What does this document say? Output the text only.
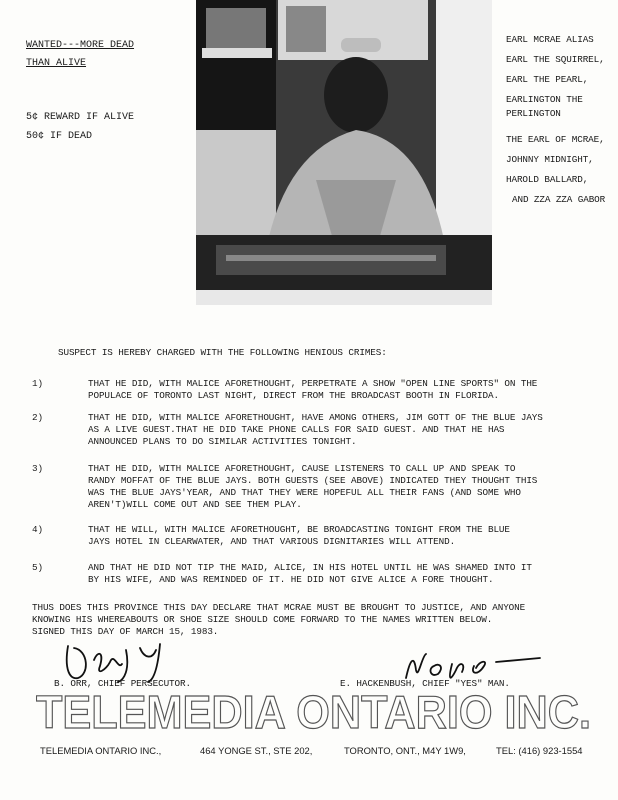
WANTED---MORE DEAD
THAN ALIVE
5¢ REWARD IF ALIVE
50¢ IF DEAD
EARL MCRAE ALIAS
EARL THE SQUIRREL,
EARL THE PEARL,
EARLINGTON THE
PERLINGTON
THE EARL OF MCRAE,
JOHNNY MIDNIGHT,
HAROLD BALLARD,
AND ZZA ZZA GABOR
SUSPECT IS HEREBY CHARGED WITH THE FOLLOWING HENIOUS CRIMES:
1)	THAT HE DID, WITH MALICE AFORETHOUGHT, PERPETRATE A SHOW "OPEN LINE SPORTS" ON THE
POPULACE OF TORONTO LAST NIGHT, DIRECT FROM THE BROADCAST BOOTH IN FLORIDA.
2)	THAT HE DID, WITH MALICE AFORETHOUGHT, HAVE AMONG OTHERS, JIM GOTT OF THE BLUE JAYS
AS A LIVE GUEST.THAT HE DID TAKE PHONE CALLS FOR SAID GUEST. AND THAT HE HAS
ANNOUNCED PLANS TO DO SIMILAR ACTIVITIES TONIGHT.
3)	THAT HE DID, WITH MALICE AFORETHOUGHT, CAUSE LISTENERS TO CALL UP AND SPEAK TO
RANDY MOFFAT OF THE BLUE JAYS. BOTH GUESTS (SEE ABOVE) INDICATED THEY THOUGHT THIS
WAS THE BLUE JAYS'YEAR, AND THAT THEY WERE HOPEFUL ALL THEIR FANS (AND SOME WHO
AREN'T)WILL COME OUT AND SEE THEM PLAY.
4)	THAT HE WILL, WITH MALICE AFORETHOUGHT, BE BROADCASTING TONIGHT FROM THE BLUE
JAYS HOTEL IN CLEARWATER, AND THAT VARIOUS DIGNITARIES WILL ATTEND.
5)	AND THAT HE DID NOT TIP THE MAID, ALICE, IN HIS HOTEL UNTIL HE WAS SHAMED INTO IT
BY HIS WIFE, AND WAS REMINDED OF IT. HE DID NOT GIVE ALICE A FORE THOUGHT.
THUS DOES THIS PROVINCE THIS DAY DECLARE THAT MCRAE MUST BE BROUGHT TO JUSTICE, AND ANYONE
KNOWING HIS WHEREABOUTS OR SHOE SIZE SHOULD COME FORWARD TO THE NAMES WRITTEN BELOW.
SIGNED THIS DAY OF MARCH 15, 1983.
B. ORR, CHIEF PERSECUTOR.	E. HACKENBUSH, CHIEF "YES" MAN.
TELEMEDIA ONTARIO INC.
TELEMEDIA ONTARIO INC.,	464 YONGE ST., STE 202,	TORONTO, ONT., M4Y 1W9,	TEL: (416) 923-1554
